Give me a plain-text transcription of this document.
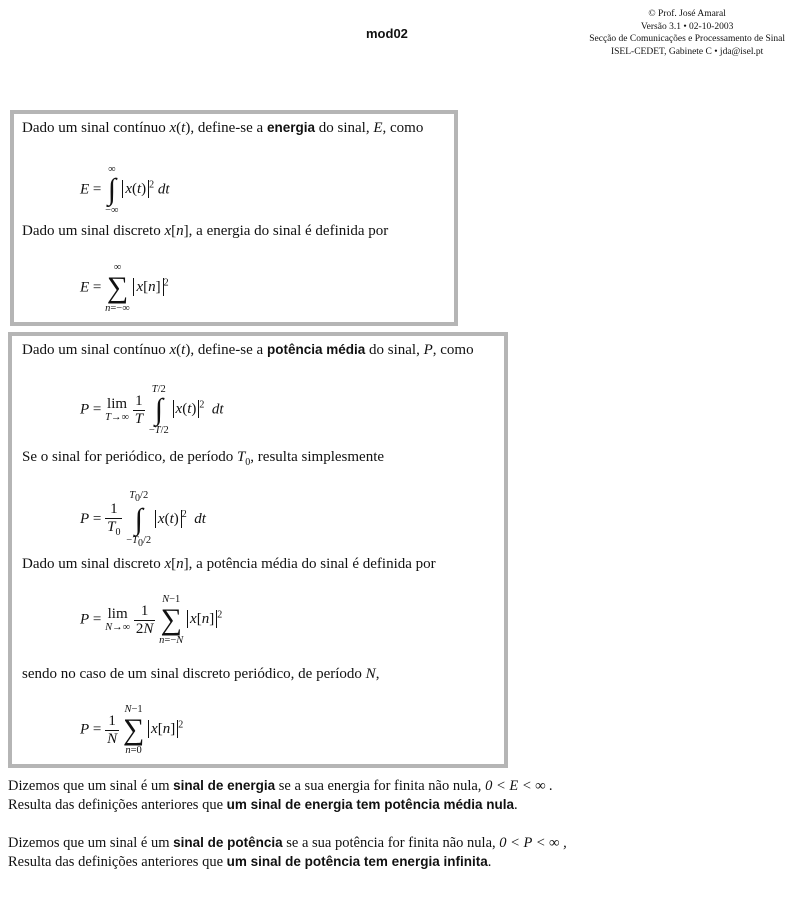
mod02
© Prof. José Amaral
Versão 3.1 • 02-10-2003
Secção de Comunicações e Processamento de Sinal
ISEL-CEDET, Gabinete C • jda@isel.pt
Dado um sinal contínuo x(t), define-se a energia do sinal, E, como
E =
∞
∫
−∞
x(t) $^2$ dt
Dado um sinal discreto x[n], a energia do sinal é definida por
E =
∞
∑
n=−∞
x[n] $^2$
Dado um sinal contínuo x(t), define-se a potência média do sinal, P, como
P = lim
T→∞
$\frac{1}{T}$

T/2
∫
−T/2
x(t) $^2$ dt
Se o sinal for periódico, de período $T_0$, resulta simplesmente
$P = \frac{1}{T_0}$

$T_0/2$
∫
$-T_0/2$
x(t) $^2$ dt
Dado um sinal discreto x[n], a potência média do sinal é definida por
P = lim
N→∞
$\frac{1}{2N}$

N−1
∑
n=−N
x[n] $^2$
sendo no caso de um sinal discreto periódico, de período N,
$P = \frac{1}{N}$

N−1
∑
n=0
x[n] $^2$
Dizemos que um sinal é um sinal de energia se a sua energia for finita não nula, 0 < E < ∞ .
Resulta das definições anteriores que um sinal de energia tem potência média nula.
Dizemos que um sinal é um sinal de potência se a sua potência for finita não nula, 0 < P < ∞ ,
Resulta das definições anteriores que um sinal de potência tem energia infinita.
